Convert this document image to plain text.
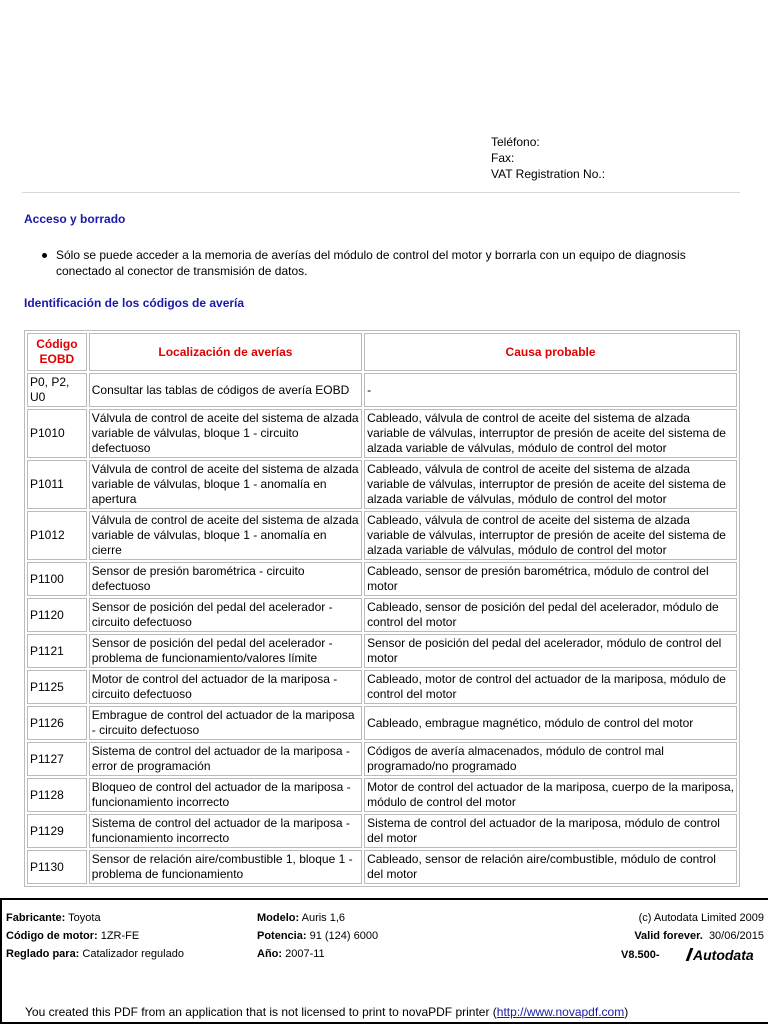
Teléfono:
Fax:
VAT Registration No.:
Acceso y borrado
Sólo se puede acceder a la memoria de averías del módulo de control del motor y borrarla con un equipo de diagnosis conectado al conector de transmisión de datos.
Identificación de los códigos de avería
Código EOBD	Localización de averías	Causa probable
P0, P2, U0	Consultar las tablas de códigos de avería EOBD	-
P1010	Válvula de control de aceite del sistema de alzada variable de válvulas, bloque 1 - circuito defectuoso	Cableado, válvula de control de aceite del sistema de alzada variable de válvulas, interruptor de presión de aceite del sistema de alzada variable de válvulas, módulo de control del motor
P1011	Válvula de control de aceite del sistema de alzada variable de válvulas, bloque 1 - anomalía en apertura	Cableado, válvula de control de aceite del sistema de alzada variable de válvulas, interruptor de presión de aceite del sistema de alzada variable de válvulas, módulo de control del motor
P1012	Válvula de control de aceite del sistema de alzada variable de válvulas, bloque 1 - anomalía en cierre	Cableado, válvula de control de aceite del sistema de alzada variable de válvulas, interruptor de presión de aceite del sistema de alzada variable de válvulas, módulo de control del motor
P1100	Sensor de presión barométrica - circuito defectuoso	Cableado, sensor de presión barométrica, módulo de control del motor
P1120	Sensor de posición del pedal del acelerador - circuito defectuoso	Cableado, sensor de posición del pedal del acelerador, módulo de control del motor
P1121	Sensor de posición del pedal del acelerador - problema de funcionamiento/valores límite	Sensor de posición del pedal del acelerador, módulo de control del motor
P1125	Motor de control del actuador de la mariposa - circuito defectuoso	Cableado, motor de control del actuador de la mariposa, módulo de control del motor
P1126	Embrague de control del actuador de la mariposa - circuito defectuoso	Cableado, embrague magnético, módulo de control del motor
P1127	Sistema de control del actuador de la mariposa - error de programación	Códigos de avería almacenados, módulo de control mal programado/no programado
P1128	Bloqueo de control del actuador de la mariposa - funcionamiento incorrecto	Motor de control del actuador de la mariposa, cuerpo de la mariposa, módulo de control del motor
P1129	Sistema de control del actuador de la mariposa - funcionamiento incorrecto	Sistema de control del actuador de la mariposa, módulo de control del motor
P1130	Sensor de relación aire/combustible 1, bloque 1 - problema de funcionamiento	Cableado, sensor de relación aire/combustible, módulo de control del motor
Fabricante: Toyota
Código de motor: 1ZR-FE
Reglado para: Catalizador regulado
Modelo: Auris 1,6
Potencia: 91 (124) 6000
Año: 2007-11
(c) Autodata Limited 2009
Valid forever. 30/06/2015
V8.500-	Autodata
You created this PDF from an application that is not licensed to print to novaPDF printer (http://www.novapdf.com)
